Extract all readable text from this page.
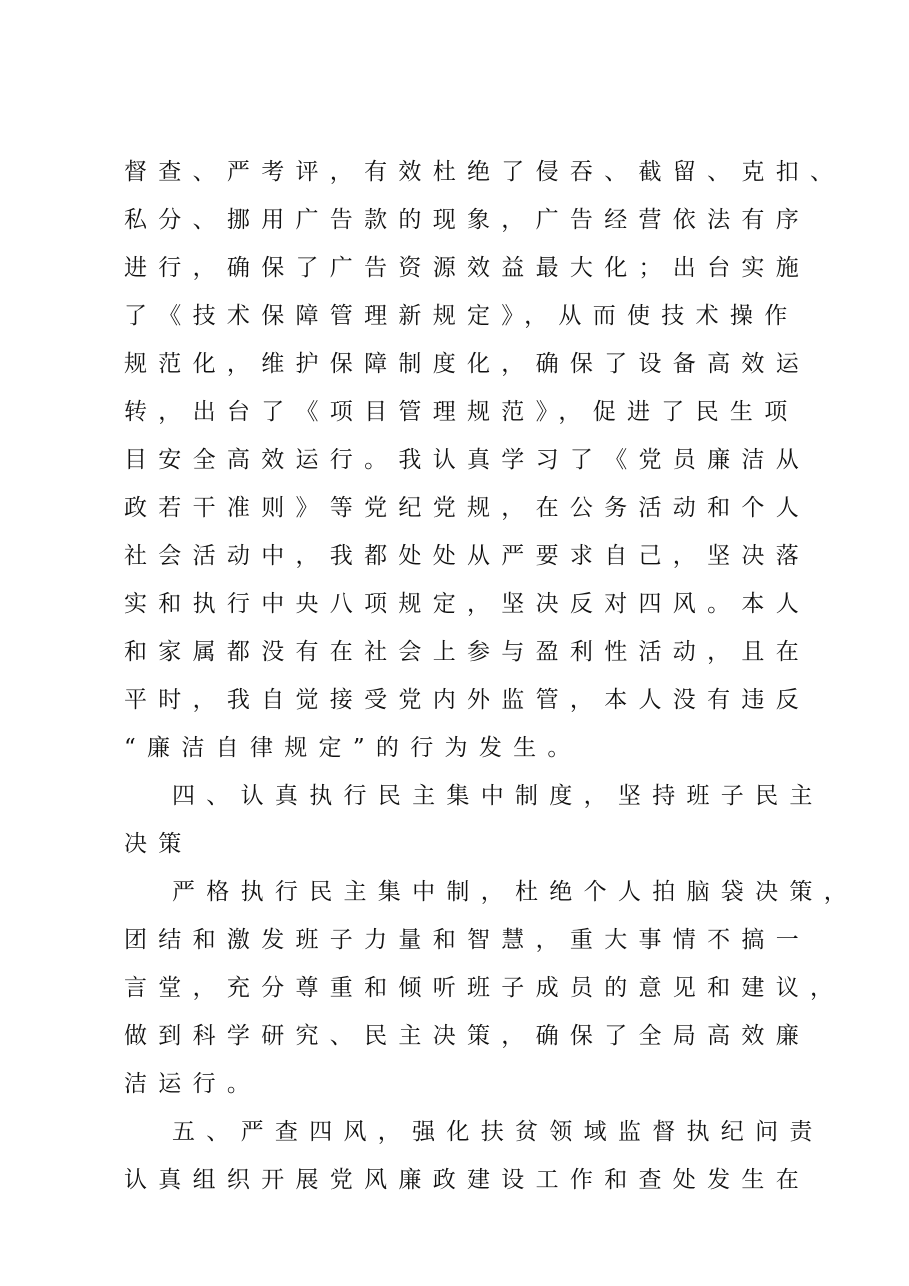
督查、严考评，有效杜绝了侵吞、截留、克扣、
私分、挪用广告款的现象，广告经营依法有序
进行，确保了广告资源效益最大化；出台实施
了《技术保障管理新规定》，从而使技术操作
规范化，维护保障制度化，确保了设备高效运
转，出台了《项目管理规范》，促进了民生项
目安全高效运行。我认真学习了《党员廉洁从
政若干准则》等党纪党规，在公务活动和个人
社会活动中，我都处处从严要求自己，坚决落
实和执行中央八项规定，坚决反对四风。本人
和家属都没有在社会上参与盈利性活动，且在
平时，我自觉接受党内外监管，本人没有违反
“廉洁自律规定”的行为发生。
四、认真执行民主集中制度，坚持班子民主
决策
严格执行民主集中制，杜绝个人拍脑袋决策，
团结和激发班子力量和智慧，重大事情不搞一
言堂，充分尊重和倾听班子成员的意见和建议，
做到科学研究、民主决策，确保了全局高效廉
洁运行。
五、严查四风，强化扶贫领域监督执纪问责
认真组织开展党风廉政建设工作和查处发生在
